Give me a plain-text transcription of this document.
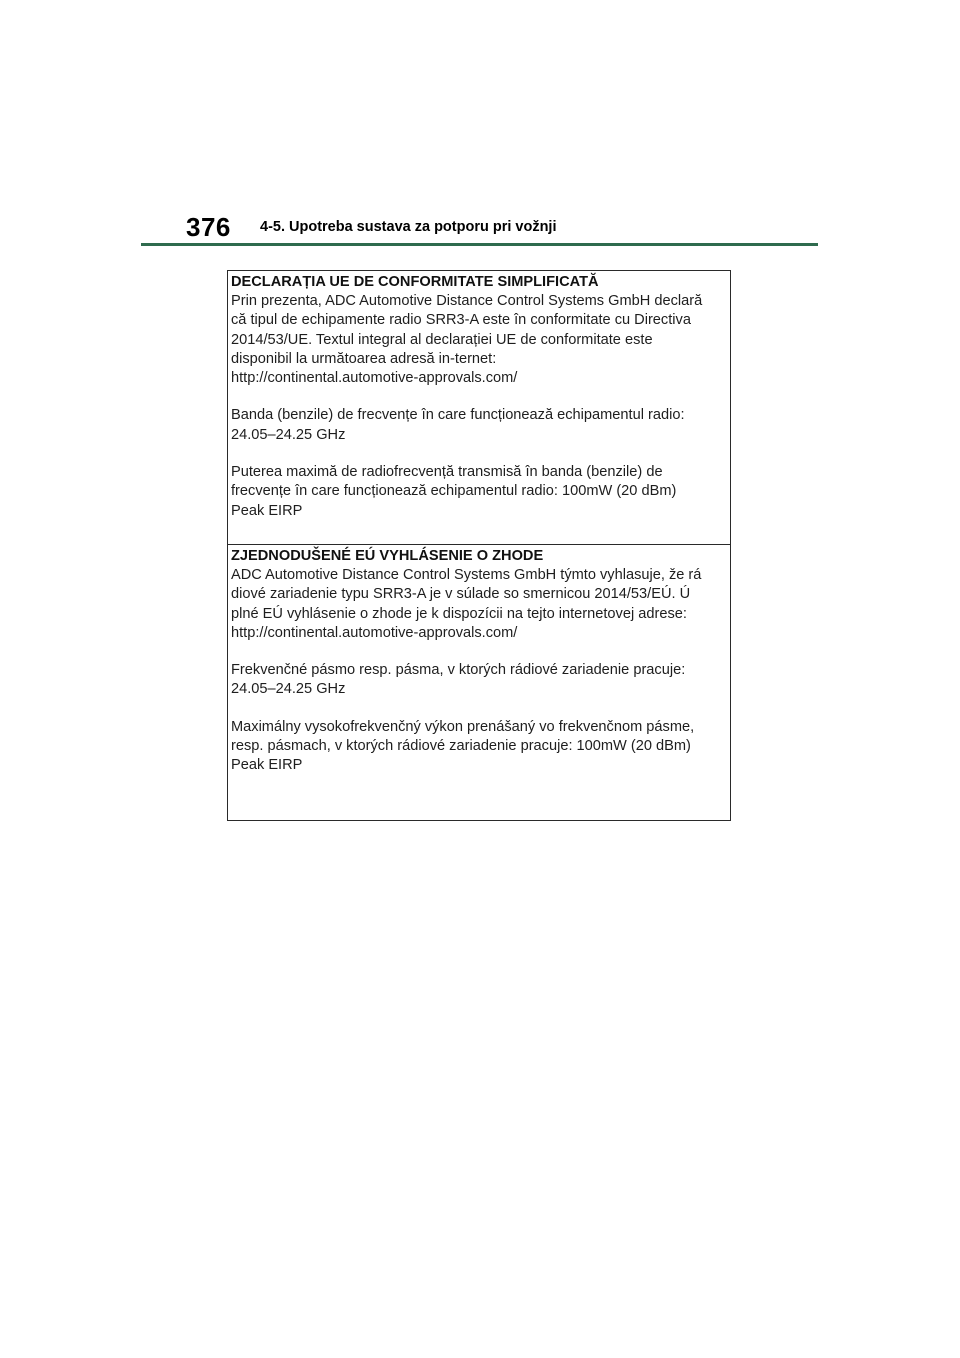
376 4-5. Upotreba sustava za potporu pri vožnji
DECLARAȚIA UE DE CONFORMITATE SIMPLIFICATĂ

Prin prezenta, ADC Automotive Distance Control Systems GmbH declară
că tipul de echipamente radio SRR3-A este în conformitate cu Directiva
2014/53/UE. Textul integral al declarației UE de conformitate este
disponibil la următoarea adresă in-ternet:
http://continental.automotive-approvals.com/

Banda (benzile) de frecvențe în care funcționează echipamentul radio:
24.05–24.25 GHz

Puterea maximă de radiofrecvență transmisă în banda (benzile) de
frecvențe în care funcționează echipamentul radio: 100mW (20 dBm)
Peak EIRP

ZJEDNODUŠENÉ EÚ VYHLÁSENIE O ZHODE

ADC Automotive Distance Control Systems GmbH týmto vyhlasuje, že rá
diové zariadenie typu SRR3-A je v súlade so smernicou 2014/53/EÚ. Ú
plné EÚ vyhlásenie o zhode je k dispozícii na tejto internetovej adrese:
http://continental.automotive-approvals.com/

Frekvenčné pásmo resp. pásma, v ktorých rádiové zariadenie pracuje:
24.05–24.25 GHz

Maximálny vysokofrekvenčný výkon prenášaný vo frekvenčnom pásme,
resp. pásmach, v ktorých rádiové zariadenie pracuje: 100mW (20 dBm)
Peak EIRP
